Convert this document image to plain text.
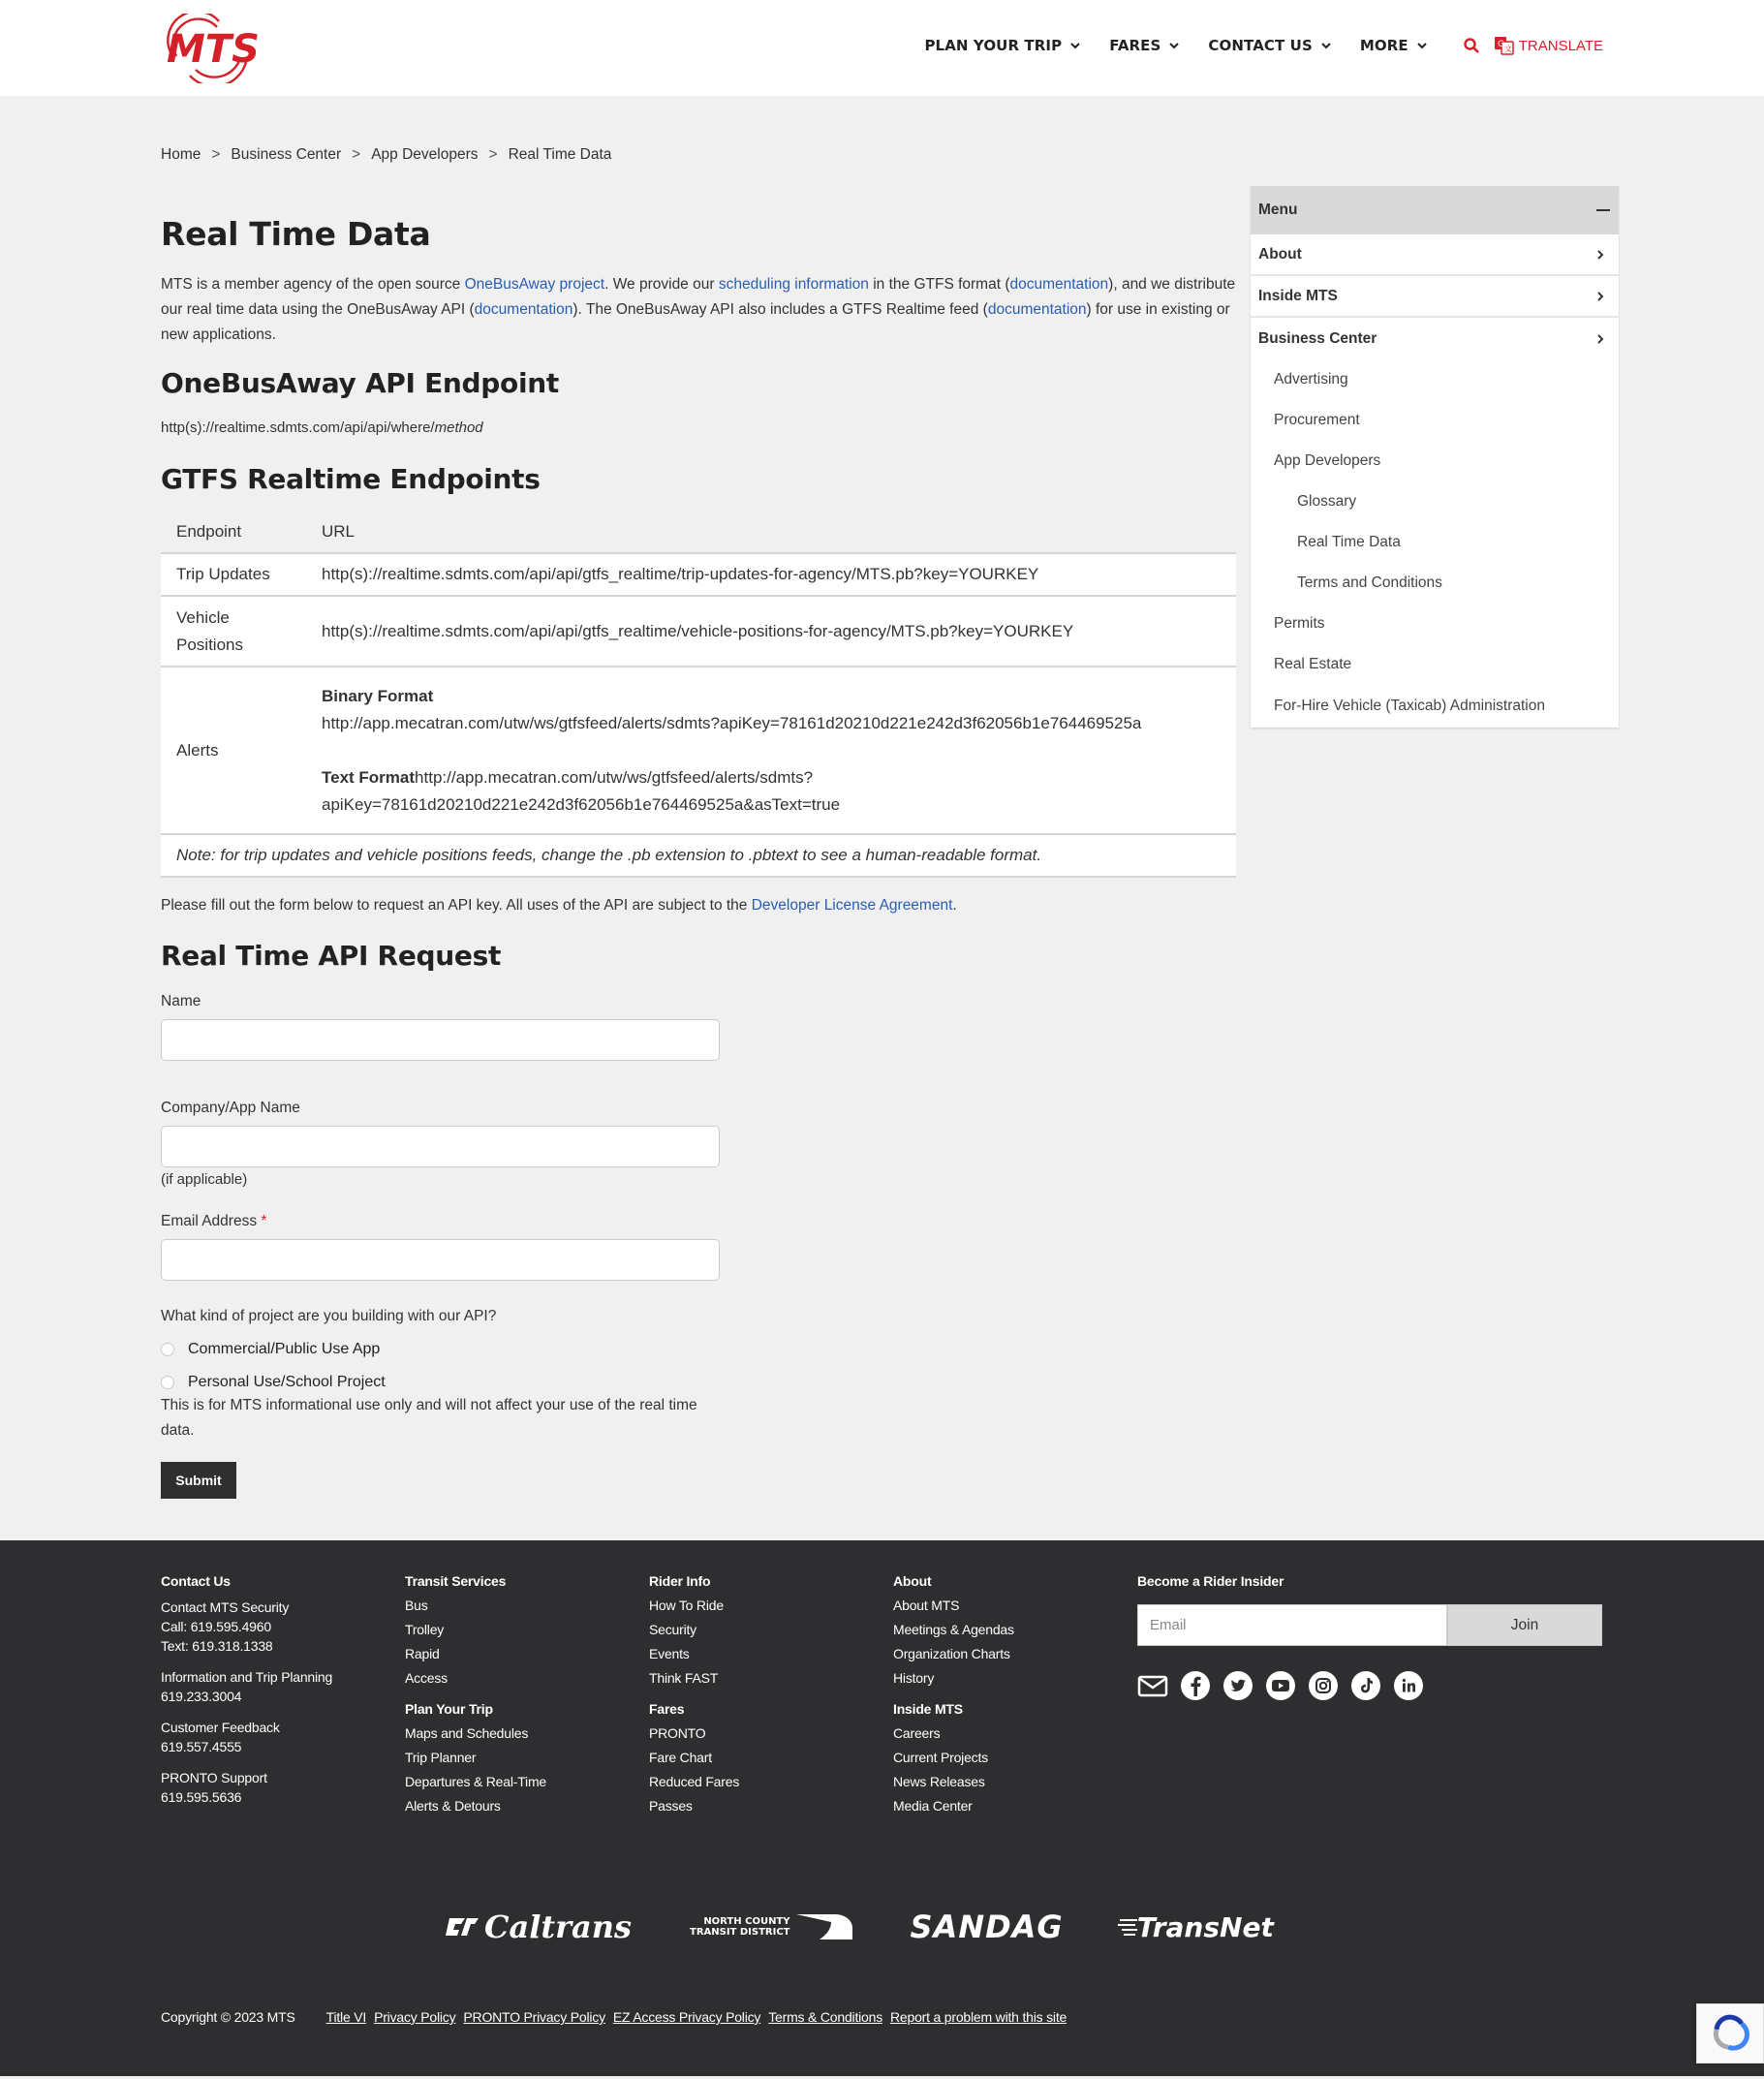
MTS	PLAN YOUR TRIP	FARES	CONTACT US	MORE	G 文 TRANSLATE
Home > Business Center > App Developers > Real Time Data
Real Time Data

MTS is a member agency of the open source OneBusAway project. We provide our scheduling information in the GTFS format (documentation), and we distribute our real time data using the OneBusAway API (documentation). The OneBusAway API also includes a GTFS Realtime feed (documentation) for use in existing or new applications.

OneBusAway API Endpoint

http(s)://realtime.sdmts.com/api/api/where/method

GTFS Realtime Endpoints
Endpoint	URL
Trip Updates	http(s)://realtime.sdmts.com/api/api/gtfs_realtime/trip-updates-for-agency/MTS.pb?key=YOURKEY
Vehicle
Positions	http(s)://realtime.sdmts.com/api/api/gtfs_realtime/vehicle-positions-for-agency/MTS.pb?key=YOURKEY
Alerts	Binary Format
http://app.mecatran.com/utw/ws/gtfsfeed/alerts/sdmts?apiKey=78161d20210d221e242d3f62056b1e764469525a
Text Formathttp://app.mecatran.com/utw/ws/gtfsfeed/alerts/sdmts?
apiKey=78161d20210d221e242d3f62056b1e764469525a&asText=true

Note: for trip updates and vehicle positions feeds, change the .pb extension to .pbtext to see a human-readable format.	

Please fill out the form below to request an API key. All uses of the API are subject to the Developer License Agreement.

Real Time API Request
Name
Company/App Name
(if applicable)
Email Address *
What kind of project are you building with our API?
Commercial/Public Use App
Personal Use/School Project

This is for MTS informational use only and will not affect your use of the real time
data.

Submit
Menu
About
Inside MTS
Business Center
Advertising
Procurement
App Developers
Glossary
Real Time Data
Terms and Conditions
Permits
Real Estate
For-Hire Vehicle (Taxicab) Administration
Contact Us
Contact MTS Security
Call: 619.595.4960
Text: 619.318.1338
Information and Trip Planning
619.233.3004
Customer Feedback
619.557.4555
PRONTO Support
619.595.5636
Transit Services
Bus
Trolley
Rapid
Access
Plan Your Trip
Maps and Schedules
Trip Planner
Departures & Real-Time
Alerts & Detours
Rider Info
How To Ride
Security
Events
Think FAST
Fares
PRONTO
Fare Chart
Reduced Fares
Passes
About
About MTS
Meetings & Agendas
Organization Charts
History
Inside MTS
Careers
Current Projects
News Releases
Media Center
Become a Rider Insider
Email	Join
Caltrans	NORTH COUNTY
TRANSIT DISTRICT	SANDAG	TransNet
Copyright © 2023 MTS Title VI Privacy Policy PRONTO Privacy Policy EZ Access Privacy Policy Terms & Conditions Report a problem with this site
